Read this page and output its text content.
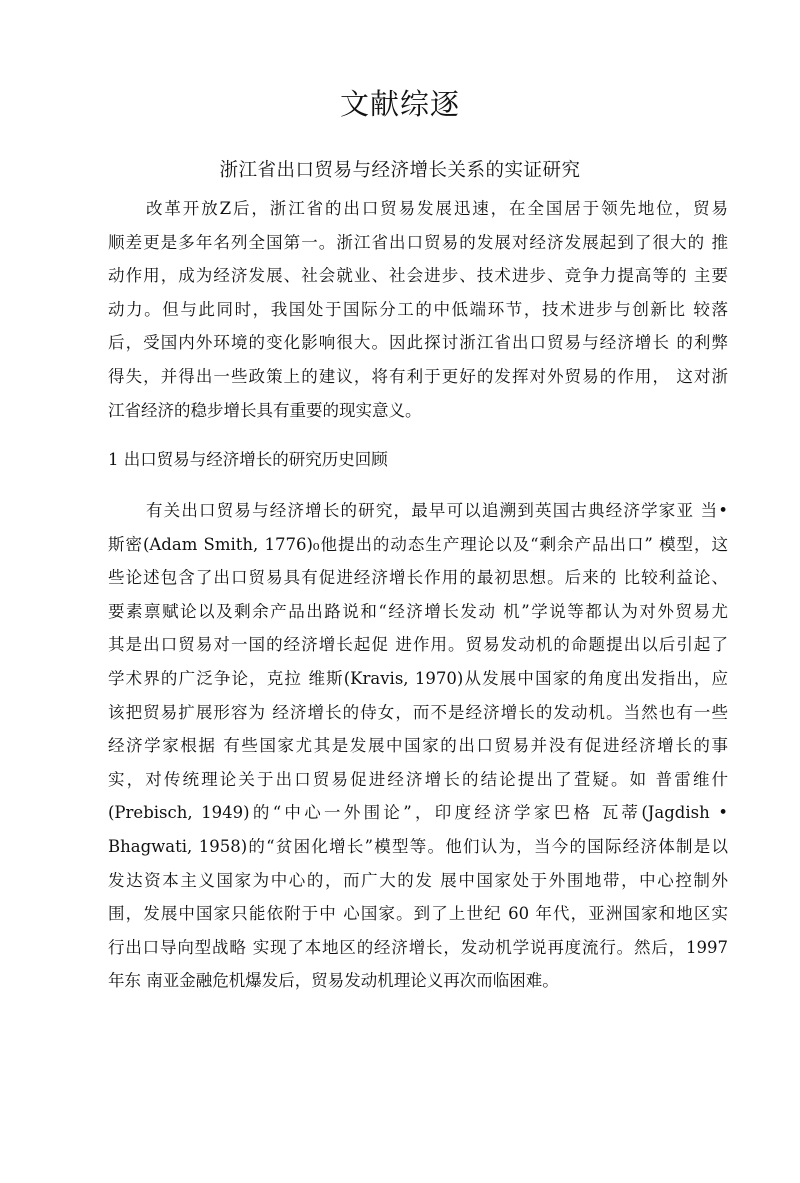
文献综逐
浙江省出口贸易与经济增长关系的实证研究
改革开放Z后，浙江省的出口贸易发展迅速，在全国居于领先地位，贸易
顺差更是多年名列全国第一。浙江省出口贸易的发展对经济发展起到了很大的 推
动作用，成为经济发展、社会就业、社会进步、技术进步、竞争力提高等的 主要
动力。但与此同时，我国处于国际分工的中低端环节，技术进步与创新比 较落
后，受国内外环境的变化影响很大。因此探讨浙江省出口贸易与经济增长 的利弊
得失，并得出一些政策上的建议，将有利于更好的发挥对外贸易的作用， 这对浙
江省经济的稳步增长具有重要的现实意义。
1 出口贸易与经济增长的研究历史回顾
有关出口贸易与经济增长的研究，最早可以追溯到英国古典经济学家亚 当•
斯密(Adam Smith, 1776)₀他提出的动态生产理论以及“剩余产品出口” 模型，这
些论述包含了出口贸易具有促进经济增长作用的最初思想。后来的 比较利益论、
要素禀赋论以及剩余产品出路说和“经济增长发动 机”学说等都认为对外贸易尤
其是出口贸易对一国的经济增长起促 进作用。贸易发动机的命题提出以后引起了
学术界的广泛争论，克拉 维斯(Kravis, 1970)从发展中国家的角度出发指出，应
该把贸易扩展形容为 经济增长的侍女，而不是经济增长的发动机。当然也有一些
经济学家根据 有些国家尤其是发展中国家的出口贸易并没有促进经济增长的事
实，对传统理论关于出口贸易促进经济增长的结论提出了萓疑。如 普雷维什
(Prebisch, 1949)的“中心一外围论”，印度经济学家巴格 瓦蒂(Jagdish •
Bhagwati, 1958)的“贫困化增长”模型等。他们认为，当今的国际经济体制是以
发达资本主义国家为中心的，而广大的发 展中国家处于外围地带，中心控制外
围，发展中国家只能依附于中 心国家。到了上世纪 60 年代，亚洲国家和地区实
行出口导向型战略 实现了本地区的经济增长，发动机学说再度流行。然后，1997
年东 南亚金融危机爆发后，贸易发动机理论义再次而临困难。
